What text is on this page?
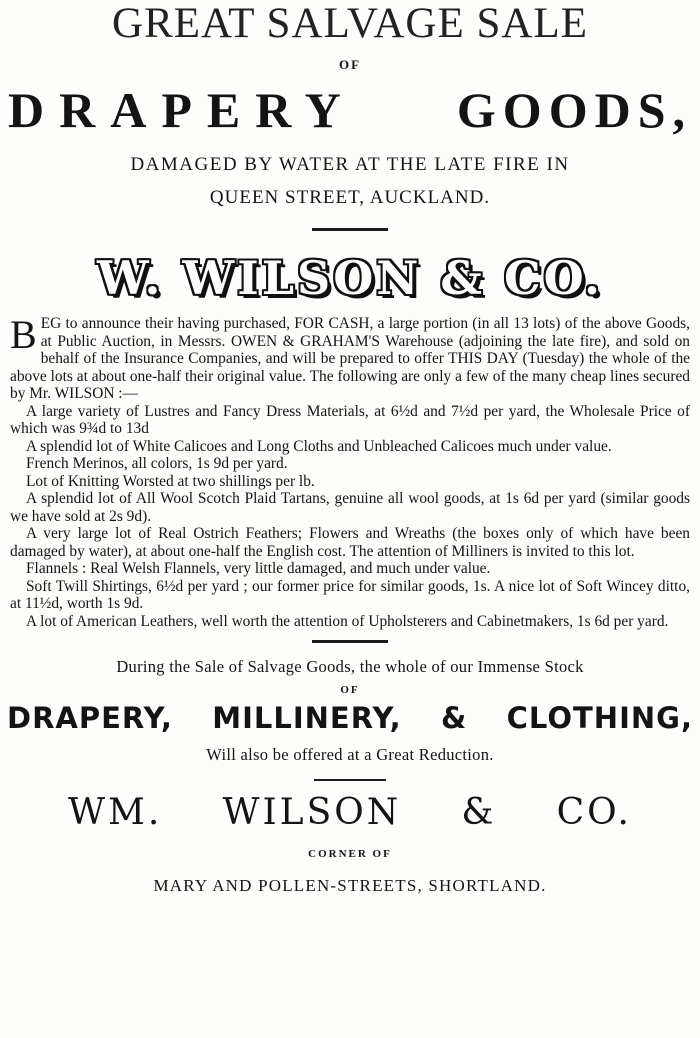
GREAT SALVAGE SALE
OF
DRAPERY GOODS,
DAMAGED BY WATER AT THE LATE FIRE IN
QUEEN STREET, AUCKLAND.
W. WILSON & CO.

BEG to announce their having purchased, FOR CASH, a large portion (in all 13 lots) of the above Goods, at Public Auction, in Messrs. OWEN & GRAHAM'S Warehouse (adjoining the late fire), and sold on behalf of the Insurance Companies, and will be prepared to offer THIS DAY (Tuesday) the whole of the above lots at about one-half their original value. The following are only a few of the many cheap lines secured by Mr. WILSON :—

A large variety of Lustres and Fancy Dress Materials, at 6½d and 7½d per yard, the Wholesale Price of which was 9¾d to 13d

A splendid lot of White Calicoes and Long Cloths and Unbleached Calicoes much under value.

French Merinos, all colors, 1s 9d per yard.

Lot of Knitting Worsted at two shillings per lb.

A splendid lot of All Wool Scotch Plaid Tartans, genuine all wool goods, at 1s 6d per yard (similar goods we have sold at 2s 9d).

A very large lot of Real Ostrich Feathers; Flowers and Wreaths (the boxes only of which have been damaged by water), at about one-half the English cost. The attention of Milliners is invited to this lot.

Flannels : Real Welsh Flannels, very little damaged, and much under value.

Soft Twill Shirtings, 6½d per yard ; our former price for similar goods, 1s. A nice lot of Soft Wincey ditto, at 11½d, worth 1s 9d.

A lot of American Leathers, well worth the attention of Upholsterers and Cabinetmakers, 1s 6d per yard.

During the Sale of Salvage Goods, the whole of our Immense Stock
OF
DRAPERY, MILLINERY, & CLOTHING,
Will also be offered at a Great Reduction.
WM. WILSON & CO.
CORNER OF
MARY AND POLLEN-STREETS, SHORTLAND.
